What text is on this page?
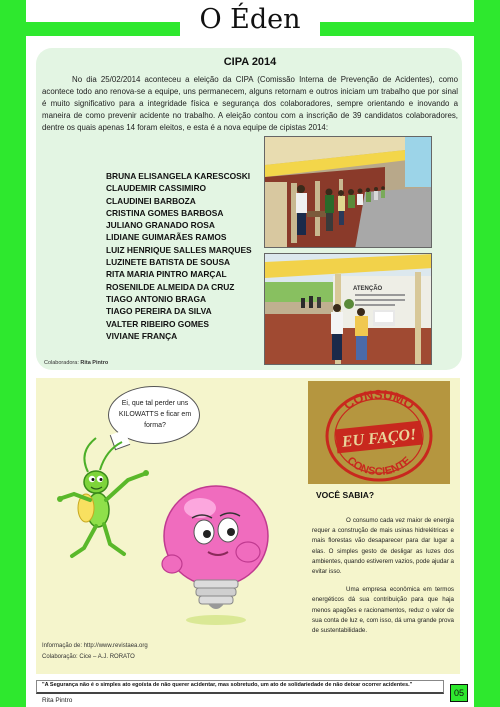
O Éden
CIPA 2014

No dia 25/02/2014 aconteceu a eleição da CIPA (Comissão Interna de Prevenção de Acidentes), como acontece todo ano renova-se a equipe, uns permanecem, alguns retornam e outros iniciam um trabalho que por sinal é muito significativo para a integridade física e segurança dos colaboradores, sempre orientando e inovando a maneira de como prevenir acidente no trabalho. A eleição contou com a inscrição de 39 candidatos colaboradores, dentre os quais apenas 14 foram eleitos, e esta é a nova equipe de cipistas 2014:

BRUNA ELISANGELA KARESCOSKI
CLAUDEMIR CASSIMIRO
CLAUDINEI BARBOZA
CRISTINA GOMES BARBOSA
JULIANO GRANADO ROSA
LIDIANE GUIMARÃES RAMOS
LUIZ HENRIQUE SALLES MARQUES
LUZINETE BATISTA DE SOUSA
RITA MARIA PINTRO MARÇAL
ROSENILDE ALMEIDA DA CRUZ
TIAGO ANTONIO BRAGA
TIAGO PEREIRA DA SILVA
VALTER RIBEIRO GOMES
VIVIANE FRANÇA
ATENÇÃO
Colaboradora: Rita Pintro
Ei, que tal perder uns KILOWATTS e ficar em forma?
CONSUMO
CONSCIENTE
EU FAÇO!
VOCÊ SABIA?

O consumo cada vez maior de energia requer a construção de mais usinas hidrelétricas e mais florestas vão desaparecer para dar lugar a elas. O simples gesto de desligar as luzes dos ambientes, quando estiverem vazios, pode ajudar a evitar isso.

Uma empresa econômica em termos energéticos dá sua contribuição para que haja menos apagões e racionamentos, reduz o valor de sua conta de luz e, com isso, dá uma grande prova de sustentabilidade.

Informação de: http://www.revistaea.org
Colaboração: Cice – A.J. RORATO
"A Segurança não é o simples ato egoísta de não querer acidentar, mas sobretudo, um ato de solidariedade de não deixar ocorrer acidentes."
Rita Pintro
05
